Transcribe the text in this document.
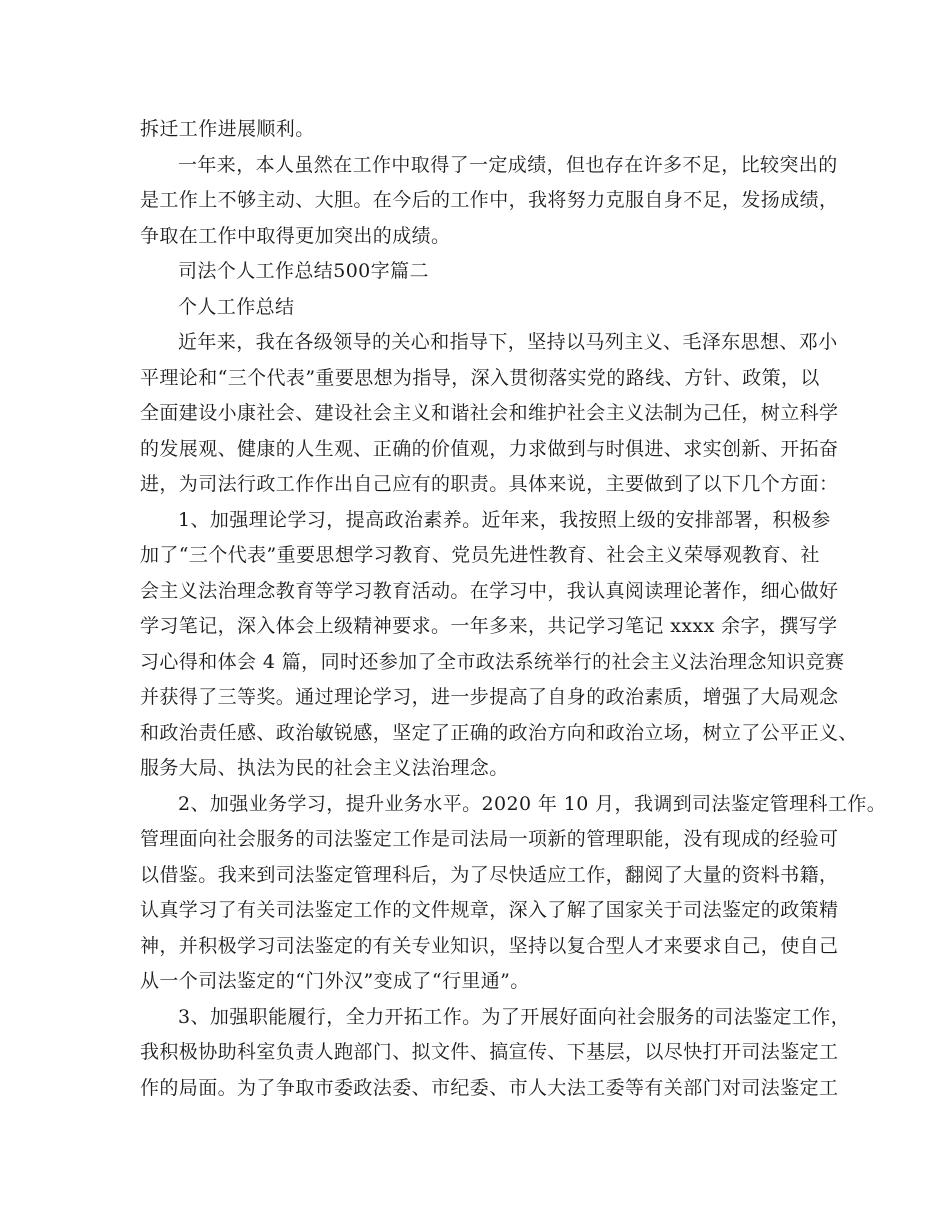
拆迁工作进展顺利。
一年来，本人虽然在工作中取得了一定成绩，但也存在许多不足，比较突出的
是工作上不够主动、大胆。在今后的工作中，我将努力克服自身不足，发扬成绩，
争取在工作中取得更加突出的成绩。
司法个人工作总结500字篇二
个人工作总结
近年来，我在各级领导的关心和指导下，坚持以马列主义、毛泽东思想、邓小
平理论和“三个代表”重要思想为指导，深入贯彻落实党的路线、方针、政策，以
全面建设小康社会、建设社会主义和谐社会和维护社会主义法制为己任，树立科学
的发展观、健康的人生观、正确的价值观，力求做到与时俱进、求实创新、开拓奋
进，为司法行政工作作出自己应有的职责。具体来说，主要做到了以下几个方面：
1、加强理论学习，提高政治素养。近年来，我按照上级的安排部署，积极参
加了“三个代表”重要思想学习教育、党员先进性教育、社会主义荣辱观教育、社
会主义法治理念教育等学习教育活动。在学习中，我认真阅读理论著作，细心做好
学习笔记，深入体会上级精神要求。一年多来，共记学习笔记 xxxx 余字，撰写学
习心得和体会 4 篇，同时还参加了全市政法系统举行的社会主义法治理念知识竞赛
并获得了三等奖。通过理论学习，进一步提高了自身的政治素质，增强了大局观念
和政治责任感、政治敏锐感，坚定了正确的政治方向和政治立场，树立了公平正义、
服务大局、执法为民的社会主义法治理念。
2、加强业务学习，提升业务水平。2020 年 10 月，我调到司法鉴定管理科工作。
管理面向社会服务的司法鉴定工作是司法局一项新的管理职能，没有现成的经验可
以借鉴。我来到司法鉴定管理科后，为了尽快适应工作，翻阅了大量的资料书籍，
认真学习了有关司法鉴定工作的文件规章，深入了解了国家关于司法鉴定的政策精
神，并积极学习司法鉴定的有关专业知识，坚持以复合型人才来要求自己，使自己
从一个司法鉴定的“门外汉”变成了“行里通”。
3、加强职能履行，全力开拓工作。为了开展好面向社会服务的司法鉴定工作，
我积极协助科室负责人跑部门、拟文件、搞宣传、下基层，以尽快打开司法鉴定工
作的局面。为了争取市委政法委、市纪委、市人大法工委等有关部门对司法鉴定工
